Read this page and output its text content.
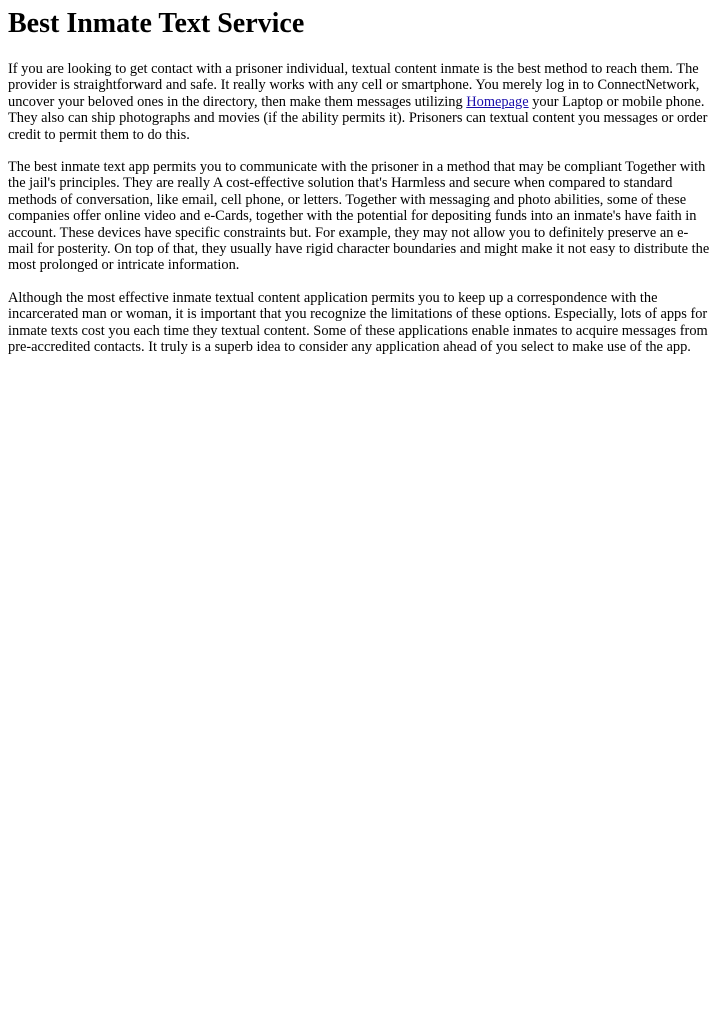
Best Inmate Text Service

If you are looking to get contact with a prisoner individual, textual content inmate is the best method to reach them. The provider is straightforward and safe. It really works with any cell or smartphone. You merely log in to ConnectNetwork, uncover your beloved ones in the directory, then make them messages utilizing Homepage your Laptop or mobile phone. They also can ship photographs and movies (if the ability permits it). Prisoners can textual content you messages or order credit to permit them to do this.

The best inmate text app permits you to communicate with the prisoner in a method that may be compliant Together with the jail's principles. They are really A cost-effective solution that's Harmless and secure when compared to standard methods of conversation, like email, cell phone, or letters. Together with messaging and photo abilities, some of these companies offer online video and e-Cards, together with the potential for depositing funds into an inmate's have faith in account. These devices have specific constraints but. For example, they may not allow you to definitely preserve an e-mail for posterity. On top of that, they usually have rigid character boundaries and might make it not easy to distribute the most prolonged or intricate information.

Although the most effective inmate textual content application permits you to keep up a correspondence with the incarcerated man or woman, it is important that you recognize the limitations of these options. Especially, lots of apps for inmate texts cost you each time they textual content. Some of these applications enable inmates to acquire messages from pre-accredited contacts. It truly is a superb idea to consider any application ahead of you select to make use of the app.
